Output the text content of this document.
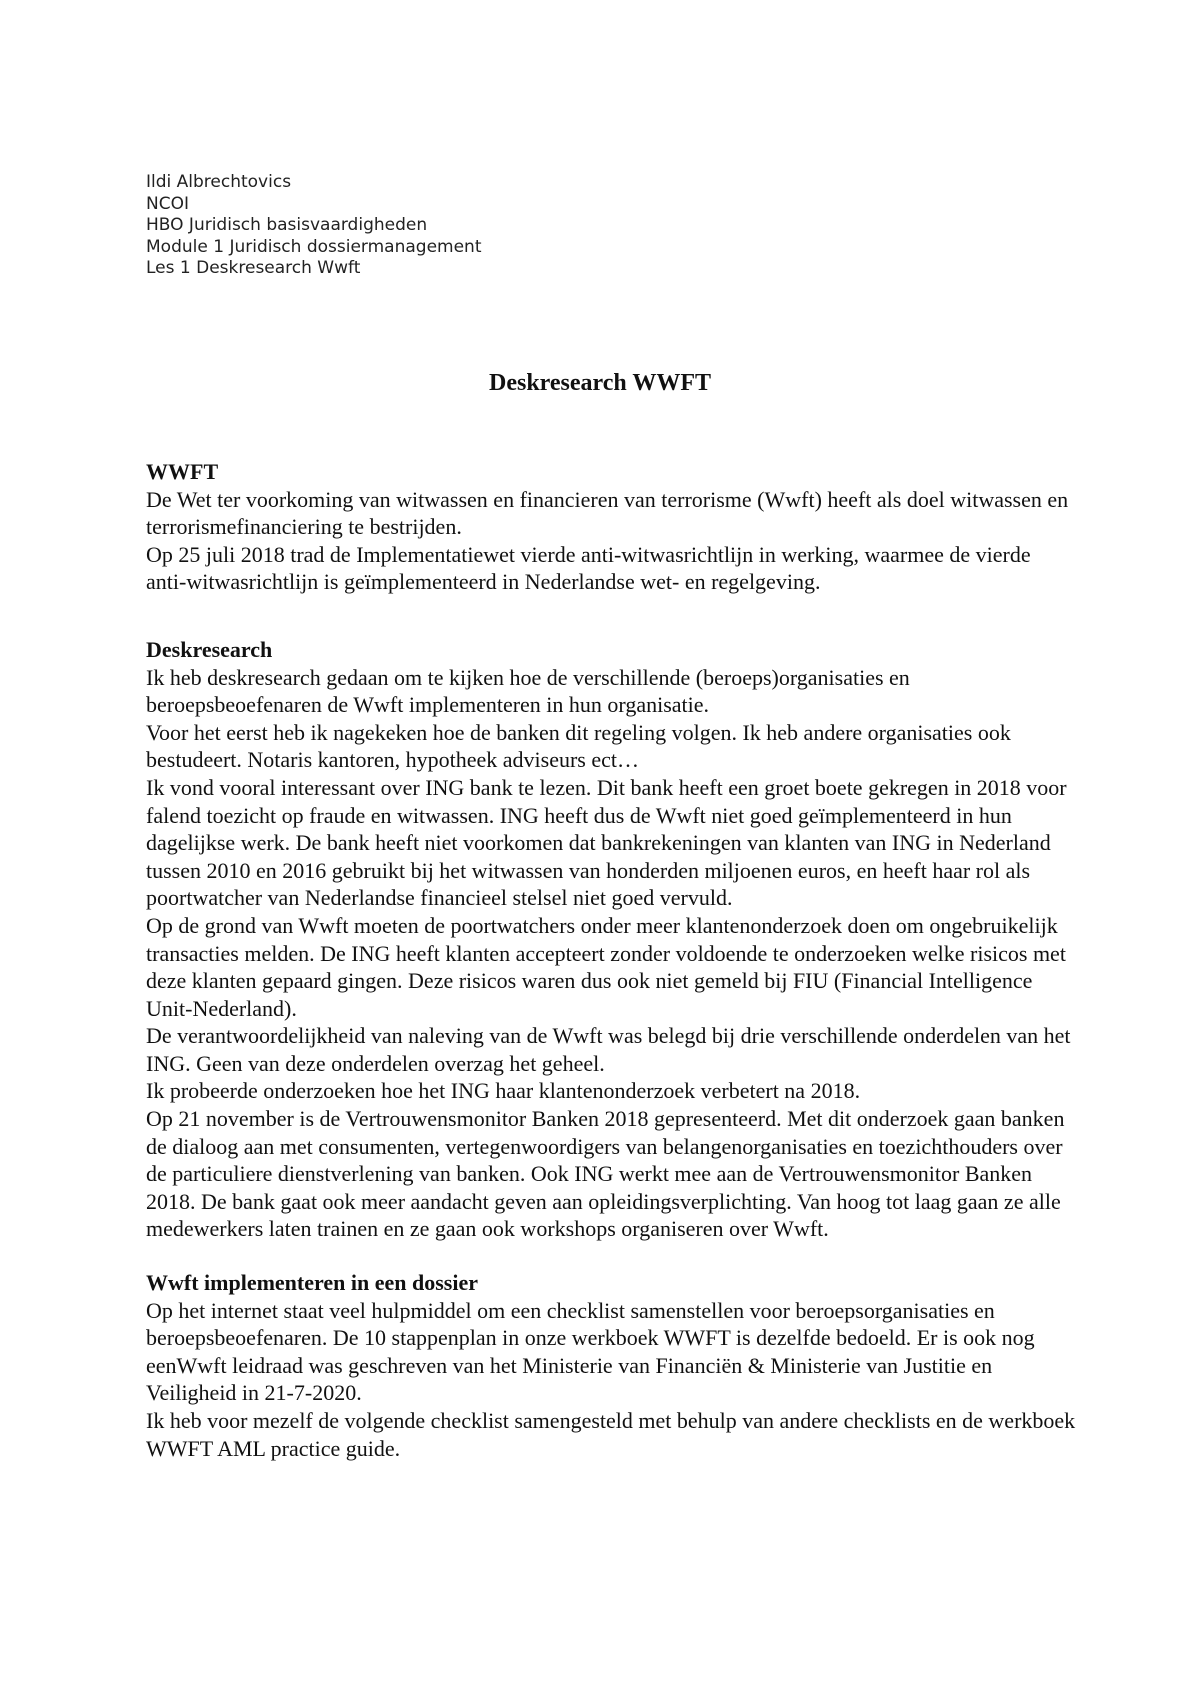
Ildi Albrechtovics
NCOI
HBO Juridisch basisvaardigheden
Module 1 Juridisch dossiermanagement
Les 1 Deskresearch Wwft
Deskresearch WWFT
WWFT

De Wet ter voorkoming van witwassen en financieren van terrorisme (Wwft) heeft als doel witwassen en terrorismefinanciering te bestrijden.

Op 25 juli 2018 trad de Implementatiewet vierde anti-witwasrichtlijn in werking, waarmee de vierde anti-witwasrichtlijn is geïmplementeerd in Nederlandse wet- en regelgeving.

Deskresearch

Ik heb deskresearch gedaan om te kijken hoe de verschillende (beroeps)organisaties en beroepsbeoefenaren de Wwft implementeren in hun organisatie.

Voor het eerst heb ik nagekeken hoe de banken dit regeling volgen. Ik heb andere organisaties ook bestudeert. Notaris kantoren, hypotheek adviseurs ect…

Ik vond vooral interessant over ING bank te lezen. Dit bank heeft een groet boete gekregen in 2018 voor falend toezicht op fraude en witwassen. ING heeft dus de Wwft niet goed geïmplementeerd in hun dagelijkse werk. De bank heeft niet voorkomen dat bankrekeningen van klanten van ING in Nederland tussen 2010 en 2016 gebruikt bij het witwassen van honderden miljoenen euros, en heeft haar rol als poortwatcher van Nederlandse financieel stelsel niet goed vervuld.

Op de grond van Wwft moeten de poortwatchers onder meer klantenonderzoek doen om ongebruikelijk transacties melden. De ING heeft klanten accepteert zonder voldoende te onderzoeken welke risicos met deze klanten gepaard gingen. Deze risicos waren dus ook niet gemeld bij FIU (Financial Intelligence Unit-Nederland).

De verantwoordelijkheid van naleving van de Wwft was belegd bij drie verschillende onderdelen van het ING. Geen van deze onderdelen overzag het geheel.

Ik probeerde onderzoeken hoe het ING haar klantenonderzoek verbetert na 2018.

Op 21 november is de Vertrouwensmonitor Banken 2018 gepresenteerd. Met dit onderzoek gaan banken de dialoog aan met consumenten, vertegenwoordigers van belangenorganisaties en toezichthouders over de particuliere dienstverlening van banken. Ook ING werkt mee aan de Vertrouwensmonitor Banken 2018. De bank gaat ook meer aandacht geven aan opleidingsverplichting. Van hoog tot laag gaan ze alle medewerkers laten trainen en ze gaan ook workshops organiseren over Wwft.

Wwft implementeren in een dossier

Op het internet staat veel hulpmiddel om een checklist samenstellen voor beroepsorganisaties en beroepsbeoefenaren. De 10 stappenplan in onze werkboek WWFT is dezelfde bedoeld. Er is ook nog eenWwft leidraad was geschreven van het Ministerie van Financiën & Ministerie van Justitie en Veiligheid in 21-7-2020.

Ik heb voor mezelf de volgende checklist samengesteld met behulp van andere checklists en de werkboek WWFT AML practice guide.
